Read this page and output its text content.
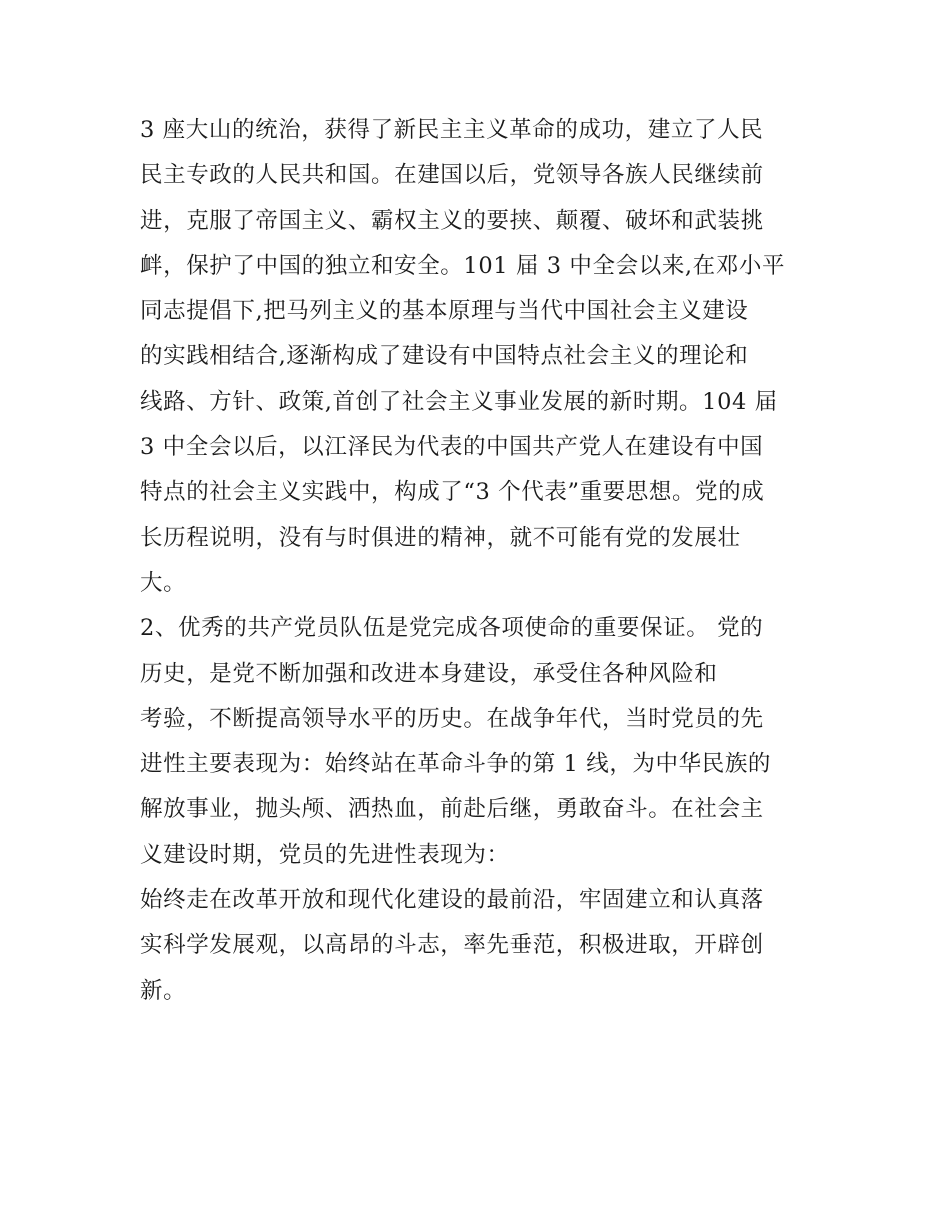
3 座大山的统治，获得了新民主主义革命的成功，建立了人民
民主专政的人民共和国。在建国以后，党领导各族人民继续前
进，克服了帝国主义、霸权主义的要挟、颠覆、破坏和武装挑
衅，保护了中国的独立和安全。101 届 3 中全会以来,在邓小平
同志提倡下,把马列主义的基本原理与当代中国社会主义建设
的实践相结合,逐渐构成了建设有中国特点社会主义的理论和
线路、方针、政策,首创了社会主义事业发展的新时期。104 届
3 中全会以后，以江泽民为代表的中国共产党人在建设有中国
特点的社会主义实践中，构成了“3 个代表”重要思想。党的成
长历程说明，没有与时俱进的精神，就不可能有党的发展壮
大。
2、优秀的共产党员队伍是党完成各项使命的重要保证。 党的
历史，是党不断加强和改进本身建设，承受住各种风险和
考验，不断提高领导水平的历史。在战争年代，当时党员的先
进性主要表现为：始终站在革命斗争的第 1 线，为中华民族的
解放事业，抛头颅、洒热血，前赴后继，勇敢奋斗。在社会主
义建设时期，党员的先进性表现为：
始终走在改革开放和现代化建设的最前沿，牢固建立和认真落
实科学发展观，以高昂的斗志，率先垂范，积极进取，开辟创
新。
